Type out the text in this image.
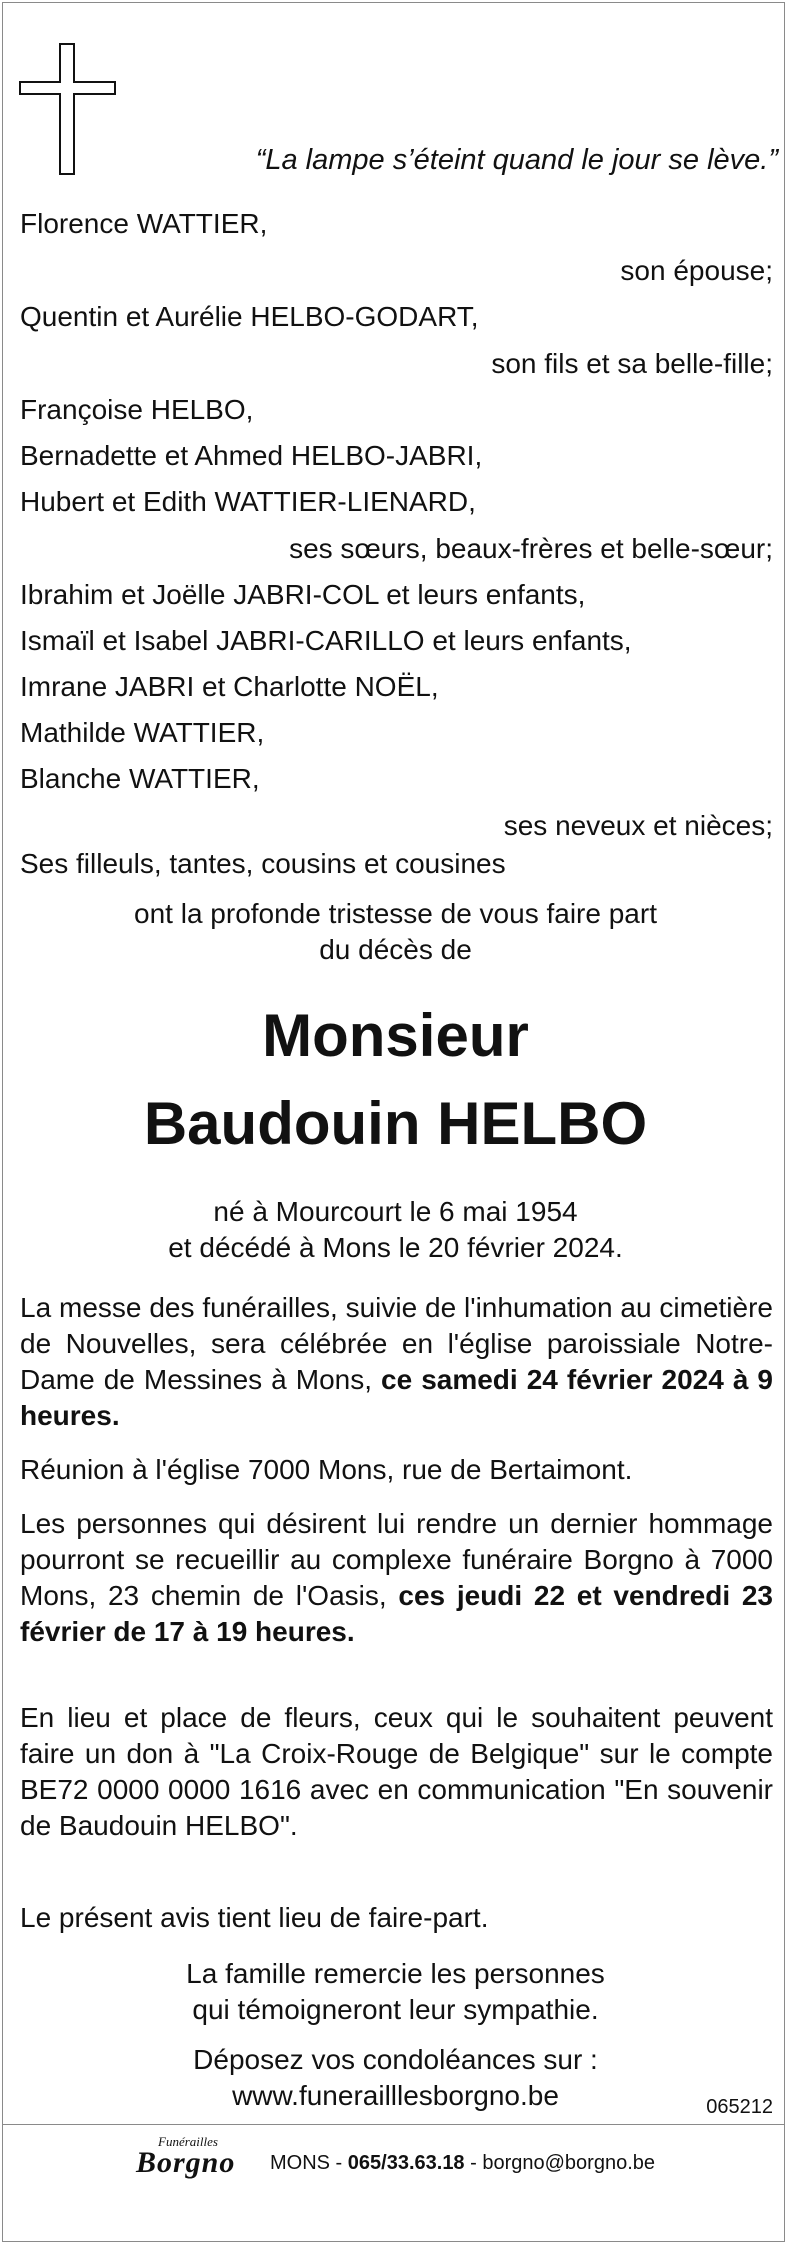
“La lampe s’éteint quand le jour se lève.”
Florence WATTIER,
son épouse;
Quentin et Aurélie HELBO-GODART,
son fils et sa belle-fille;
Françoise HELBO,
Bernadette et Ahmed HELBO-JABRI,
Hubert et Edith WATTIER-LIENARD,
ses sœurs, beaux-frères et belle-sœur;
Ibrahim et Joëlle JABRI-COL et leurs enfants,
Ismaïl et Isabel JABRI-CARILLO et leurs enfants,
Imrane JABRI et Charlotte NOËL,
Mathilde WATTIER,
Blanche WATTIER,
ses neveux et nièces;
Ses filleuls, tantes, cousins et cousines
ont la profonde tristesse de vous faire part
du décès de
Monsieur
Baudouin HELBO
né à Mourcourt le 6 mai 1954
et décédé à Mons le 20 février 2024.
La messe des funérailles, suivie de l'inhumation au cimetière de Nouvelles, sera célébrée en l'église paroissiale Notre-Dame de Messines à Mons, ce samedi 24 février 2024 à 9 heures.
Réunion à l'église 7000 Mons, rue de Bertaimont.
Les personnes qui désirent lui rendre un dernier hommage pourront se recueillir au complexe funéraire Borgno à 7000 Mons, 23 chemin de l'Oasis, ces jeudi 22 et vendredi 23 février de 17 à 19 heures.
En lieu et place de fleurs, ceux qui le souhaitent peuvent faire un don à "La Croix-Rouge de Belgique" sur le compte BE72 0000 0000 1616 avec en communication "En souvenir de Baudouin HELBO".
Le présent avis tient lieu de faire-part.
La famille remercie les personnes
qui témoigneront leur sympathie.
Déposez vos condoléances sur :
www.funerailllesborgno.be	065212
Funérailles
Borgno MONS - 065/33.63.18 - borgno@borgno.be
